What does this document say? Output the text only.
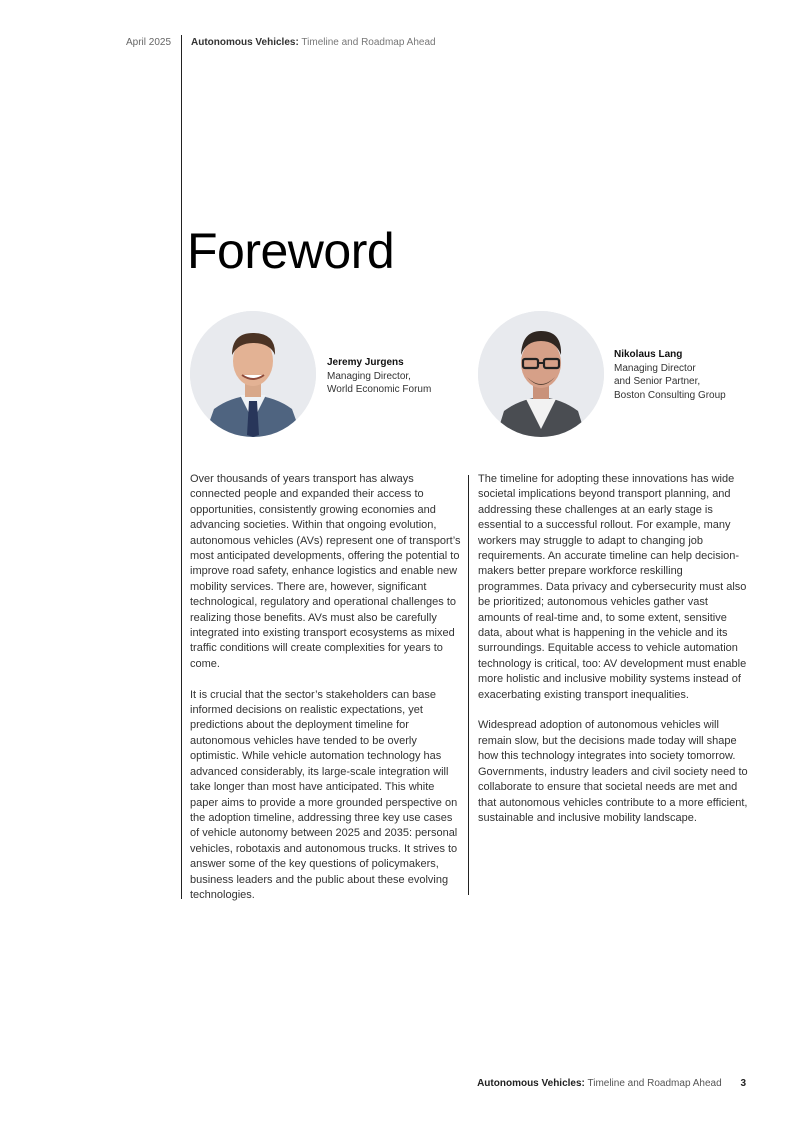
April 2025 Autonomous Vehicles: Timeline and Roadmap Ahead
Foreword
Jeremy Jurgens
Managing Director,
World Economic Forum
Nikolaus Lang
Managing Director
and Senior Partner,
Boston Consulting Group

Over thousands of years transport has always connected people and expanded their access to opportunities, consistently growing economies and advancing societies. Within that ongoing evolution, autonomous vehicles (AVs) represent one of transport’s most anticipated developments, offering the potential to improve road safety, enhance logistics and enable new mobility services. There are, however, significant technological, regulatory and operational challenges to realizing those benefits. AVs must also be carefully integrated into existing transport ecosystems as mixed traffic conditions will create complexities for years to come.

It is crucial that the sector’s stakeholders can base informed decisions on realistic expectations, yet predictions about the deployment timeline for autonomous vehicles have tended to be overly optimistic. While vehicle automation technology has advanced considerably, its large-scale integration will take longer than most have anticipated. This white paper aims to provide a more grounded perspective on the adoption timeline, addressing three key use cases of vehicle autonomy between 2025 and 2035: personal vehicles, robotaxis and autonomous trucks. It strives to answer some of the key questions of policymakers, business leaders and the public about these evolving technologies.

The timeline for adopting these innovations has wide societal implications beyond transport planning, and addressing these challenges at an early stage is essential to a successful rollout. For example, many workers may struggle to adapt to changing job requirements. An accurate timeline can help decision-makers better prepare workforce reskilling programmes. Data privacy and cybersecurity must also be prioritized; autonomous vehicles gather vast amounts of real-time and, to some extent, sensitive data, about what is happening in the vehicle and its surroundings. Equitable access to vehicle automation technology is critical, too: AV development must enable more holistic and inclusive mobility systems instead of exacerbating existing transport inequalities.

Widespread adoption of autonomous vehicles will remain slow, but the decisions made today will shape how this technology integrates into society tomorrow. Governments, industry leaders and civil society need to collaborate to ensure that societal needs are met and that autonomous vehicles contribute to a more efficient, sustainable and inclusive mobility landscape.

Autonomous Vehicles: Timeline and Roadmap Ahead 3
